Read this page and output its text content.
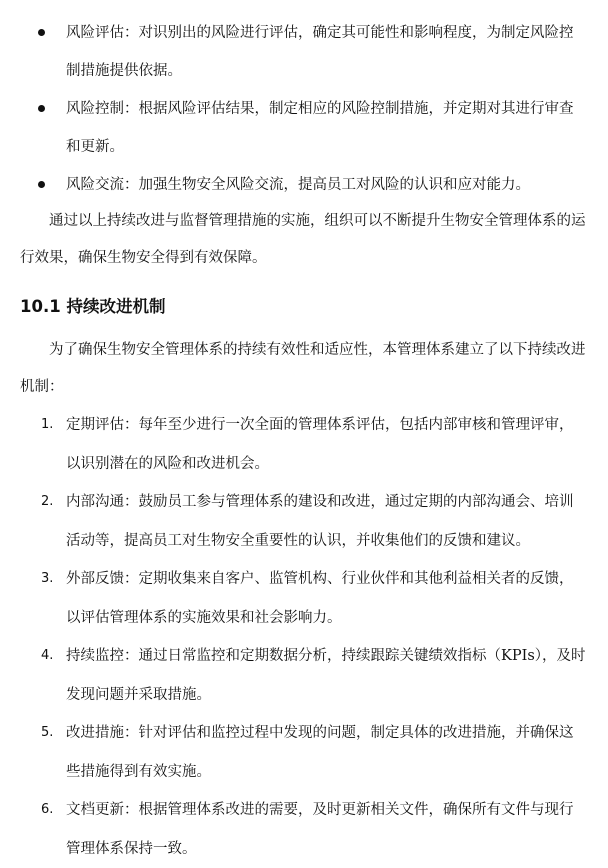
风险评估：对识别出的风险进行评估，确定其可能性和影响程度，为制定风险控制措施提供依据。
风险控制：根据风险评估结果，制定相应的风险控制措施，并定期对其进行审查和更新。
风险交流：加强生物安全风险交流，提高员工对风险的认识和应对能力。
通过以上持续改进与监督管理措施的实施，组织可以不断提升生物安全管理体系的运行效果，确保生物安全得到有效保障。
10.1 持续改进机制
为了确保生物安全管理体系的持续有效性和适应性，本管理体系建立了以下持续改进机制：
1. 定期评估：每年至少进行一次全面的管理体系评估，包括内部审核和管理评审，以识别潜在的风险和改进机会。
2. 内部沟通：鼓励员工参与管理体系的建设和改进，通过定期的内部沟通会、培训活动等，提高员工对生物安全重要性的认识，并收集他们的反馈和建议。
3. 外部反馈：定期收集来自客户、监管机构、行业伙伴和其他利益相关者的反馈，以评估管理体系的实施效果和社会影响力。
4. 持续监控：通过日常监控和定期数据分析，持续跟踪关键绩效指标（KPIs），及时发现问题并采取措施。
5. 改进措施：针对评估和监控过程中发现的问题，制定具体的改进措施，并确保这些措施得到有效实施。
6. 文档更新：根据管理体系改进的需要，及时更新相关文件，确保所有文件与现行管理体系保持一致。
